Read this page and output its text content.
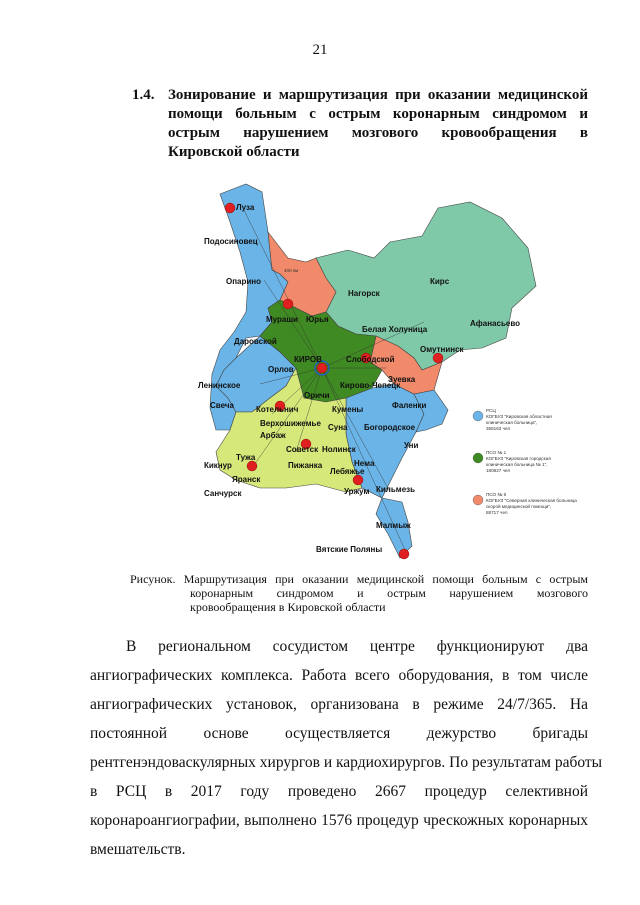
21
1.4. Зонирование и маршрутизация при оказании медицинской
помощи больным с острым коронарным синдромом и
острым нарушением мозгового кровообращения в
Кировской области
400 км
Луза
Подосиновец
Опарино
Мураши Юрья
Нагорск
Кирс
Белая Холуница
Афанасьево
Даровской
КИРОВ	Слободской
Омутнинск
Орлов
Кирово-Чепецк
Зуевка
Ленинское
Свеча
Оричи
Котельнич	Фаленки
Кумены
Верхошижемье Суна Богородское
Арбаж
Нолинск	Уни
Тужа
Советск
Немa
Кикнур	Пижанка
Лебяжье
Яранск
Санчурск	Уржум Кильмезь
Малмыж
Вятские Поляны
РСЦ
КОГБУЗ "Кировская областная
клиническая больница",
358163 чел
ПСО № 1
КОГБУЗ "Кировская городская
клиническая больница № 1",
180827 чел
ПСО № 6
КОГБУЗ "Северная клиническая больница
скорой медицинской помощи",
88717 чел
Рисунок. Маршрутизация при оказании медицинской помощи больным с острым
коронарным синдромом и острым нарушением мозгового
кровообращения в Кировской области
В региональном сосудистом центре функционируют два
ангиографических комплекса. Работа всего оборудования, в том числе
ангиографических установок, организована в режиме 24/7/365. На
постоянной основе осуществляется дежурство бригады
рентгенэндоваскулярных хирургов и кардиохирургов. По результатам работы
в РСЦ в 2017 году проведено 2667 процедур селективной
коронароангиографии, выполнено 1576 процедур чрескожных коронарных
вмешательств.
